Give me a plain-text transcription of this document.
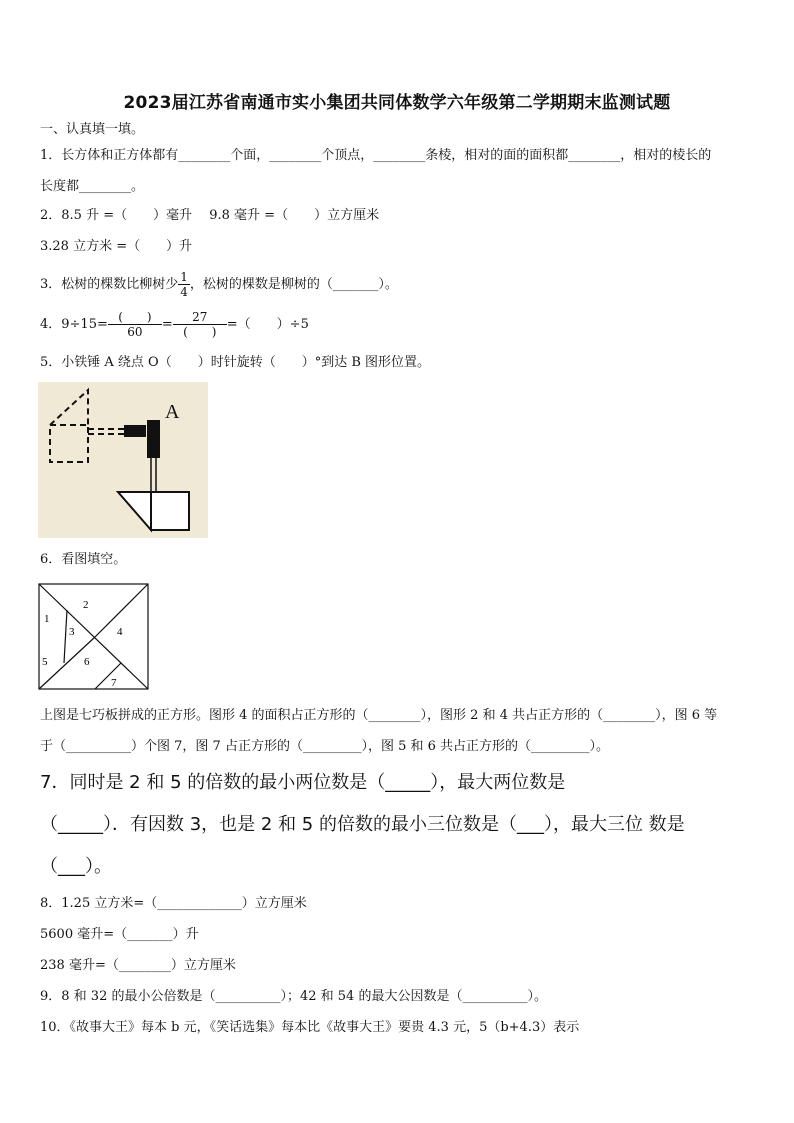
2023届江苏省南通市实小集团共同体数学六年级第二学期期末监测试题
一、认真填一填。
1．长方体和正方体都有________个面，________个顶点，________条棱，相对的面的面积都________，相对的棱长的
长度都________。
2．8.5 升 =（　　）毫升　 9.8 毫升 =（　　）立方厘米
3.28 立方米 =（　　）升
3．松树的棵数比柳树少 $\frac{1}{4}$ ，松树的棵数是柳树的（_______）。
4．$9\div 15= \frac{( )}{60} = \frac{27}{( )}$ =（　　）÷5
5．小铁锤 A 绕点 O（　　）时针旋转（　　）°到达 B 图形位置。
A
6．看图填空。
1
2
3	4
5	6
7
上图是七巧板拼成的正方形。图形 4 的面积占正方形的（________），图形 2 和 4 共占正方形的（________），图 6 等
于（__________）个图 7，图 7 占正方形的（_________），图 5 和 6 共占正方形的（_________）。
7．同时是 2 和 5 的倍数的最小两位数是（_____），最大两位数是
（_____）．有因数 3，也是 2 和 5 的倍数的最小三位数是（___），最大三位 数是
（___）。
8．1.25 立方米=（_____________）立方厘米
5600 毫升=（_______）升
238 毫升=（________）立方厘米
9．8 和 32 的最小公倍数是（__________）；42 和 54 的最大公因数是（__________）。
10．《故事大王》每本 b 元，《笑话选集》每本比《故事大王》要贵 4.3 元，5（b+4.3）表示
